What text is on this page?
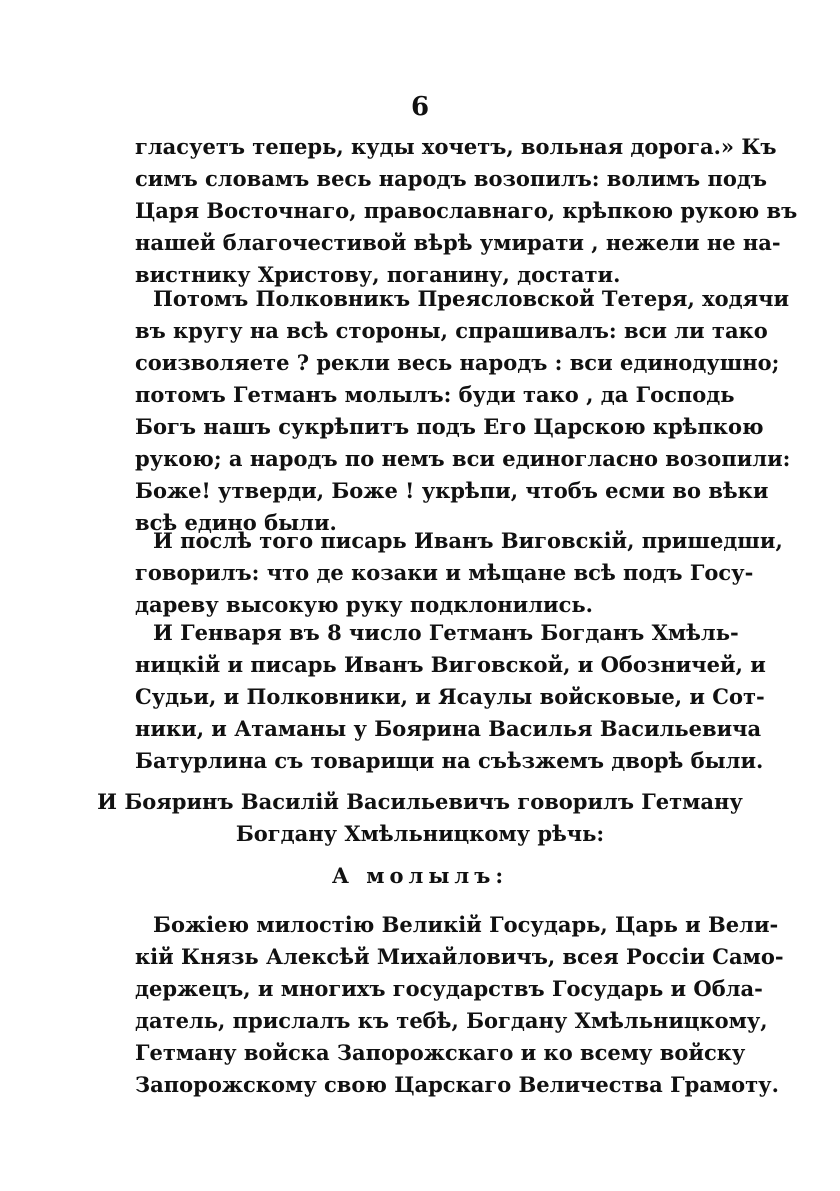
6
гласуетъ теперь, куды хочетъ, вольная дорога.» Къ
симъ словамъ весь народъ возопилъ: волимъ подъ
Царя Восточнаго, православнаго, крѣпкою рукою въ
нашей благочестивой вѣрѣ умирати , нежели не на-
вистнику Христову, поганину, достати.
Потомъ Полковникъ Преясловской Тетеря, ходячи
въ кругу на всѣ стороны, спрашивалъ: вси ли тако
соизволяете ? рекли весь народъ : вси единодушно;
потомъ Гетманъ молылъ: буди тако , да Господь
Богъ нашъ сукрѣпитъ подъ Его Царскою крѣпкою
рукою; а народъ по немъ вси единогласно возопили:
Боже! утверди, Боже ! укрѣпи, чтобъ есми во вѣки
всѣ едино были.
И послѣ того писарь Иванъ Виговскій, пришедши,
говорилъ: что де козаки и мѣщане всѣ подъ Госу-
дареву высокую руку подклонились.
И Генваря въ 8 число Гетманъ Богданъ Хмѣль-
ницкій и писарь Иванъ Виговской, и Обозничей, и
Судьи, и Полковники, и Ясаулы войсковые, и Сот-
ники, и Атаманы у Боярина Василья Васильевича
Батурлина съ товарищи на съѣзжемъ дворѣ были.
И Бояринъ Василій Васильевичъ говорилъ Гетману
Богдану Хмѣльницкому рѣчь:
А молылъ:
Божіею милостію Великій Государь, Царь и Вели-
кій Князь Алексѣй Михайловичъ, всея Россіи Само-
держецъ, и многихъ государствъ Государь и Обла-
датель, прислалъ къ тебѣ, Богдану Хмѣльницкому,
Гетману войска Запорожскаго и ко всему войску
Запорожскому свою Царскаго Величества Грамоту.
